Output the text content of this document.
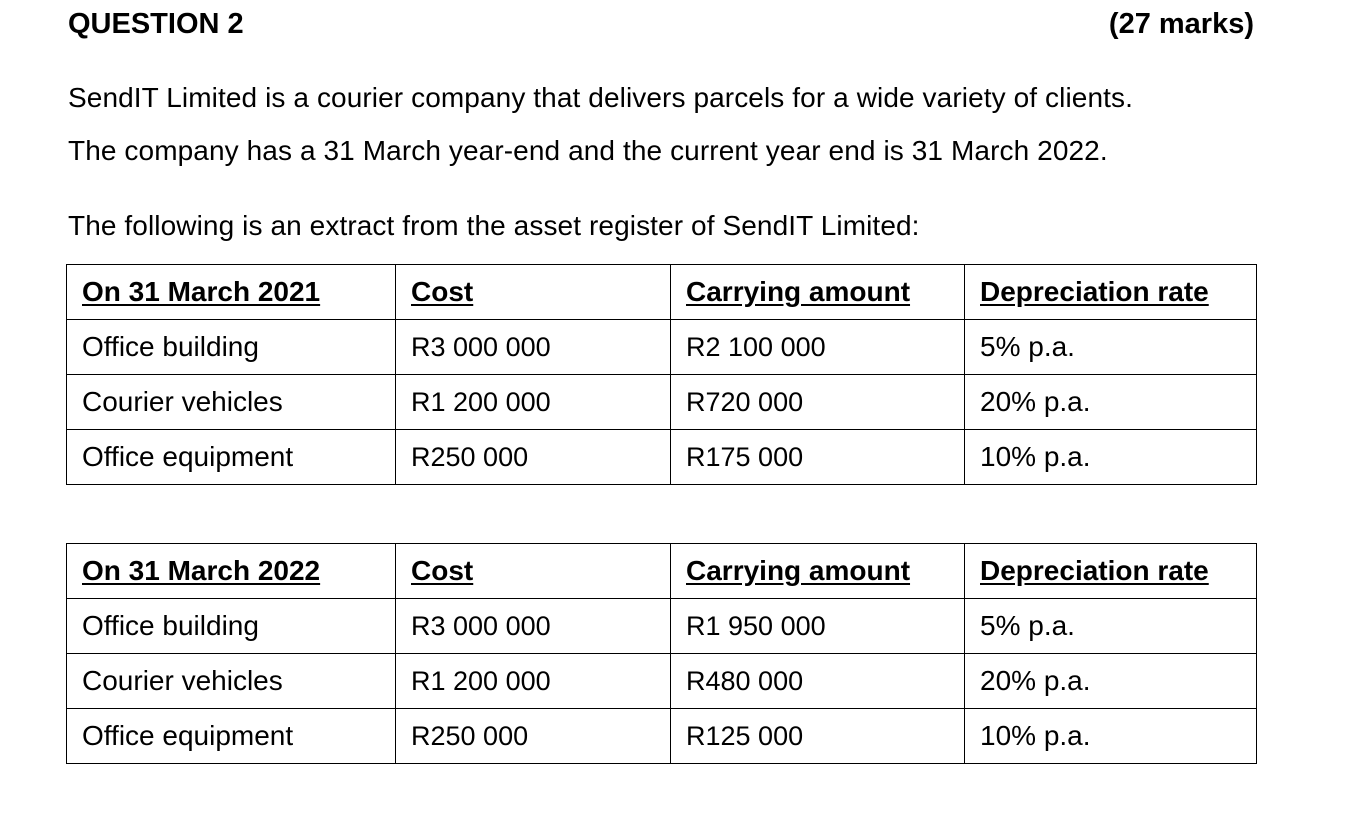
QUESTION 2	(27 marks)
SendIT Limited is a courier company that delivers parcels for a wide variety of clients.
The company has a 31 March year-end and the current year end is 31 March 2022.
The following is an extract from the asset register of SendIT Limited:
On 31 March 2021	Cost	Carrying amount	Depreciation rate
Office building	R3 000 000	R2 100 000	5% p.a.
Courier vehicles	R1 200 000	R720 000	20% p.a.
Office equipment	R250 000	R175 000	10% p.a.
On 31 March 2022	Cost	Carrying amount	Depreciation rate
Office building	R3 000 000	R1 950 000	5% p.a.
Courier vehicles	R1 200 000	R480 000	20% p.a.
Office equipment	R250 000	R125 000	10% p.a.
